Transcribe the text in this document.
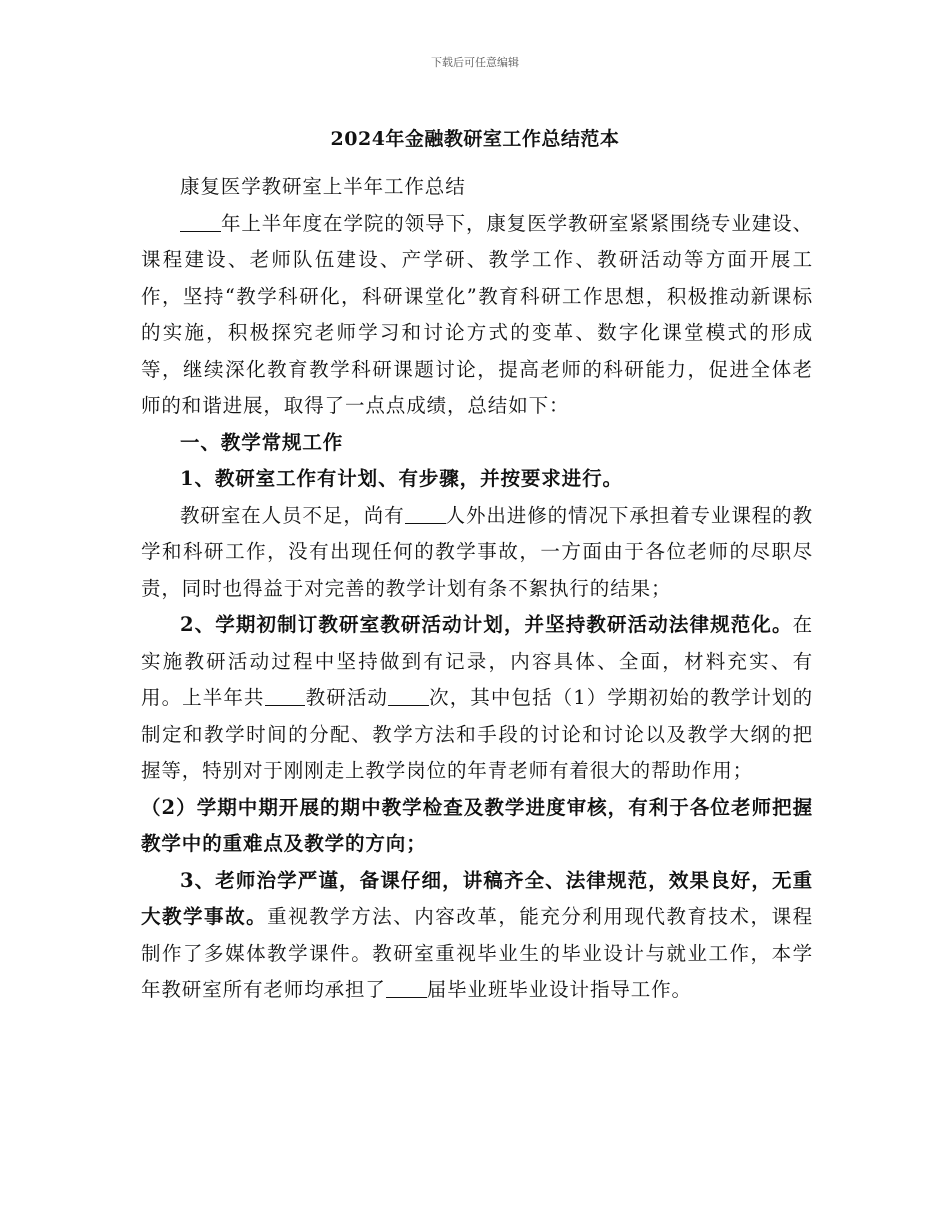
下载后可任意编辑
2024年金融教研室工作总结范本

康复医学教研室上半年工作总结

年上半年度在学院的领导下，康复医学教研室紧紧围绕专业建设、课程建设、老师队伍建设、产学研、教学工作、教研活动等方面开展工作，坚持“教学科研化，科研课堂化”教育科研工作思想，积极推动新课标的实施，积极探究老师学习和讨论方式的变革、数字化课堂模式的形成等，继续深化教育教学科研课题讨论，提高老师的科研能力，促进全体老师的和谐进展，取得了一点点成绩，总结如下：

一、教学常规工作

1、教研室工作有计划、有步骤，并按要求进行。

教研室在人员不足，尚有 人外出进修的情况下承担着专业课程的教学和科研工作，没有出现任何的教学事故，一方面由于各位老师的尽职尽责，同时也得益于对完善的教学计划有条不絮执行的结果；

2、学期初制订教研室教研活动计划，并坚持教研活动法律规范化。在实施教研活动过程中坚持做到有记录，内容具体、全面，材料充实、有用。上半年共 教研活动 次，其中包括（1）学期初始的教学计划的制定和教学时间的分配、教学方法和手段的讨论和讨论以及教学大纲的把握等，特别对于刚刚走上教学岗位的年青老师有着很大的帮助作用；

（2）学期中期开展的期中教学检查及教学进度审核，有利于各位老师把握教学中的重难点及教学的方向；

3、老师治学严谨，备课仔细，讲稿齐全、法律规范，效果良好，无重大教学事故。重视教学方法、内容改革，能充分利用现代教育技术，课程制作了多媒体教学课件。教研室重视毕业生的毕业设计与就业工作，本学年教研室所有老师均承担了 届毕业班毕业设计指导工作。
